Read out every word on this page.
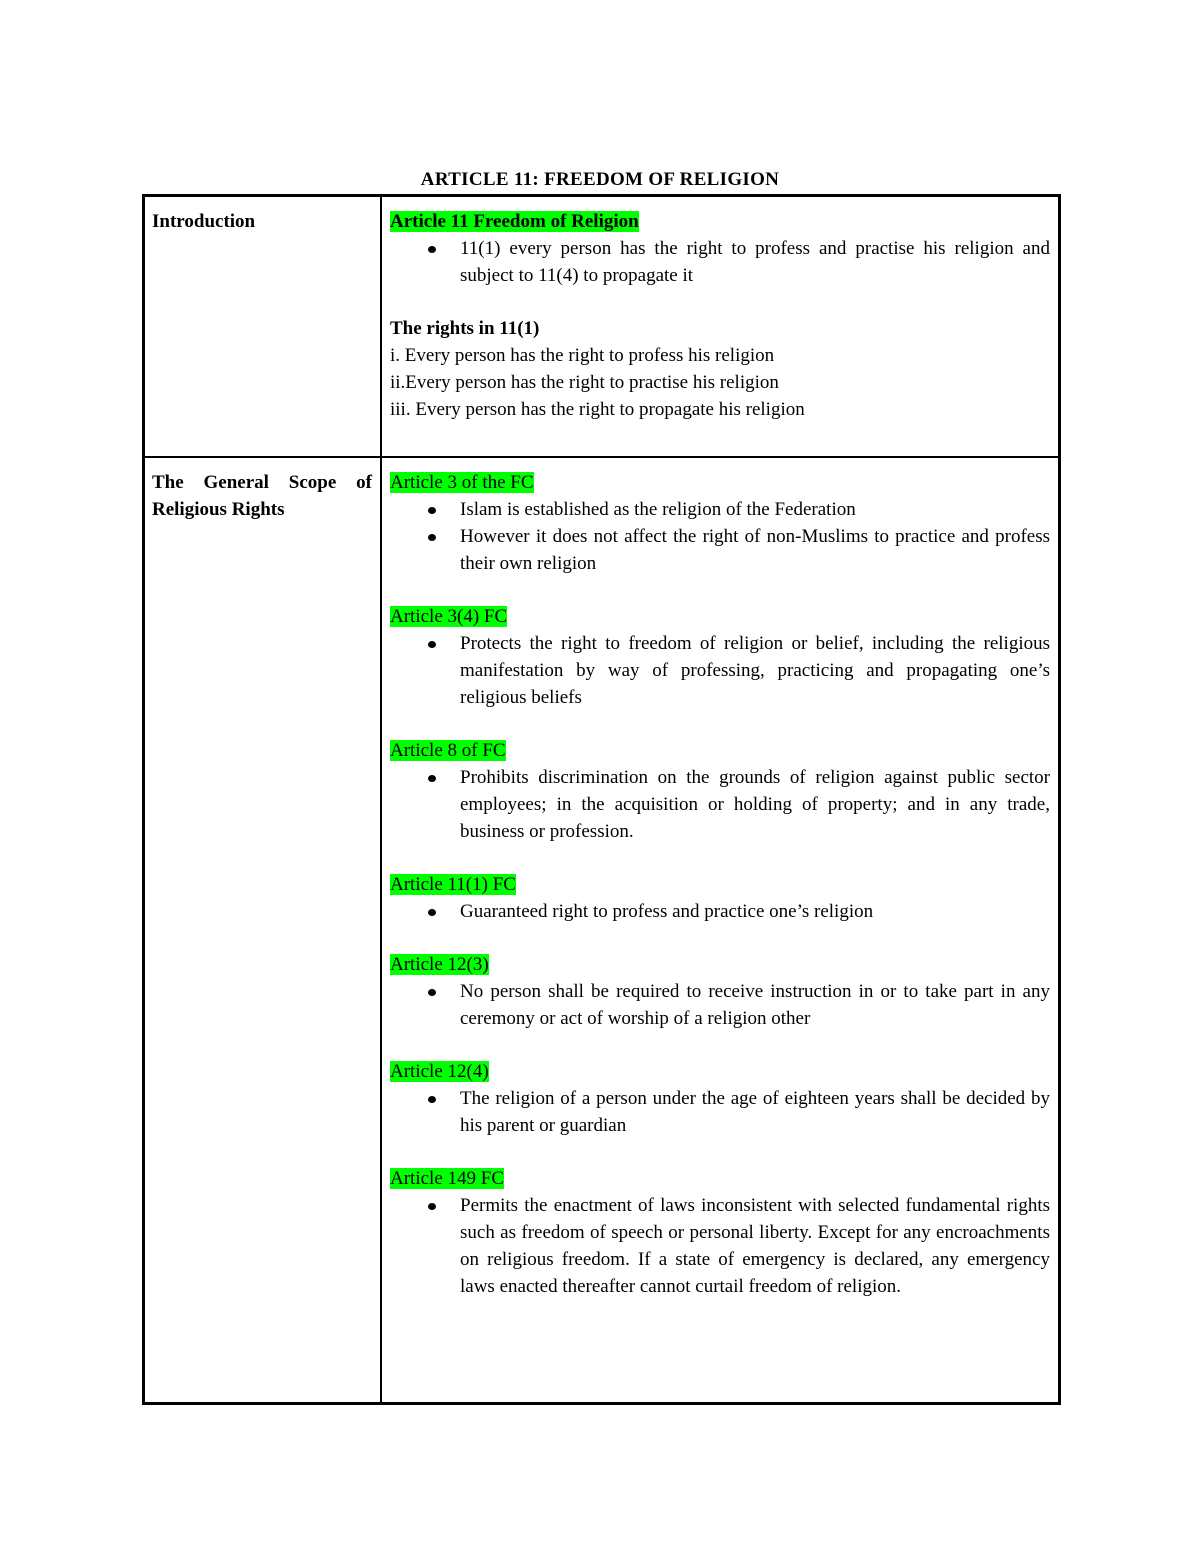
ARTICLE 11: FREEDOM OF RELIGION
Introduction	Article 11 Freedom of Religion
11(1) every person has the right to profess and practise his religion and subject to 11(4) to propagate it
The rights in 11(1)
i. Every person has the right to profess his religion
ii.Every person has the right to practise his religion
iii. Every person has the right to propagate his religion
The General Scope of
Religious Rights
Article 3 of the FC
Islam is established as the religion of the Federation
However it does not affect the right of non-Muslims to practice and profess their own religion
Article 3(4) FC
Protects the right to freedom of religion or belief, including the religious manifestation by way of professing, practicing and propagating one’s religious beliefs
Article 8 of FC
Prohibits discrimination on the grounds of religion against public sector employees; in the acquisition or holding of property; and in any trade, business or profession.
Article 11(1) FC
Guaranteed right to profess and practice one’s religion
Article 12(3)
No person shall be required to receive instruction in or to take part in any ceremony or act of worship of a religion other
Article 12(4)
The religion of a person under the age of eighteen years shall be decided by his parent or guardian
Article 149 FC
Permits the enactment of laws inconsistent with selected fundamental rights such as freedom of speech or personal liberty. Except for any encroachments on religious freedom. If a state of emergency is declared, any emergency laws enacted thereafter cannot curtail freedom of religion.
